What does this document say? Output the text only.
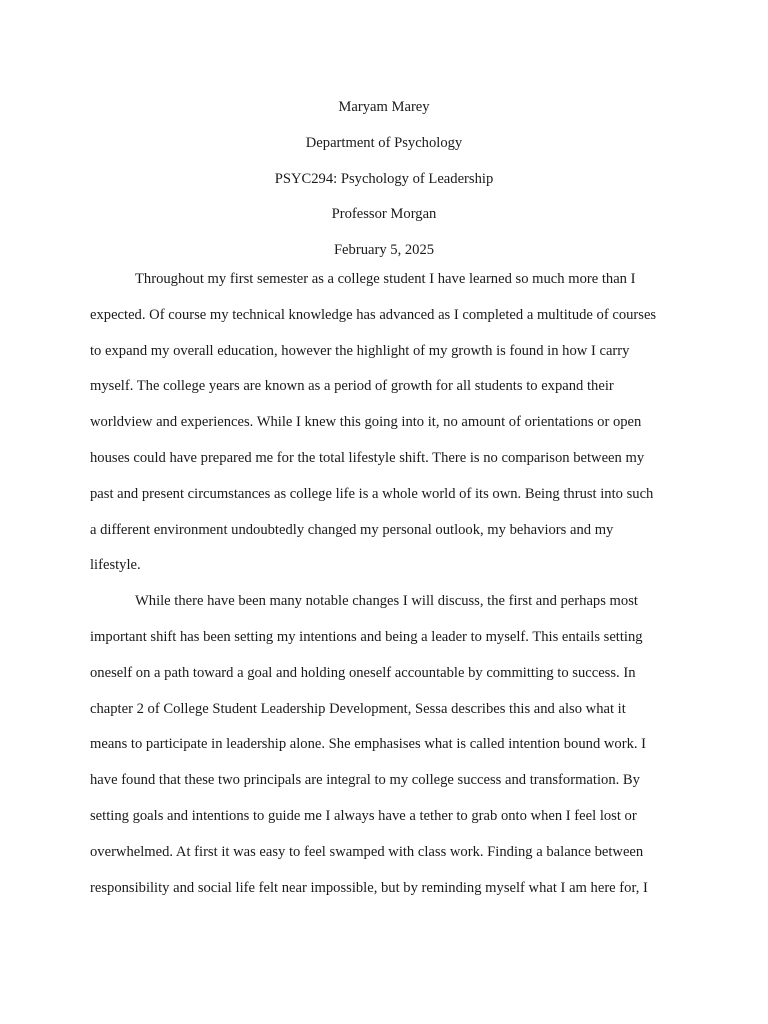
Maryam Marey
Department of Psychology
PSYC294: Psychology of Leadership
Professor Morgan
February 5, 2025
Throughout my first semester as a college student I have learned so much more than I
expected. Of course my technical knowledge has advanced as I completed a multitude of courses
to expand my overall education, however the highlight of my growth is found in how I carry
myself. The college years are known as a period of growth for all students to expand their
worldview and experiences. While I knew this going into it, no amount of orientations or open
houses could have prepared me for the total lifestyle shift. There is no comparison between my
past and present circumstances as college life is a whole world of its own. Being thrust into such
a different environment undoubtedly changed my personal outlook, my behaviors and my
lifestyle.
While there have been many notable changes I will discuss, the first and perhaps most
important shift has been setting my intentions and being a leader to myself. This entails setting
oneself on a path toward a goal and holding oneself accountable by committing to success. In
chapter 2 of College Student Leadership Development, Sessa describes this and also what it
means to participate in leadership alone. She emphasises what is called intention bound work. I
have found that these two principals are integral to my college success and transformation. By
setting goals and intentions to guide me I always have a tether to grab onto when I feel lost or
overwhelmed. At first it was easy to feel swamped with class work. Finding a balance between
responsibility and social life felt near impossible, but by reminding myself what I am here for, I
